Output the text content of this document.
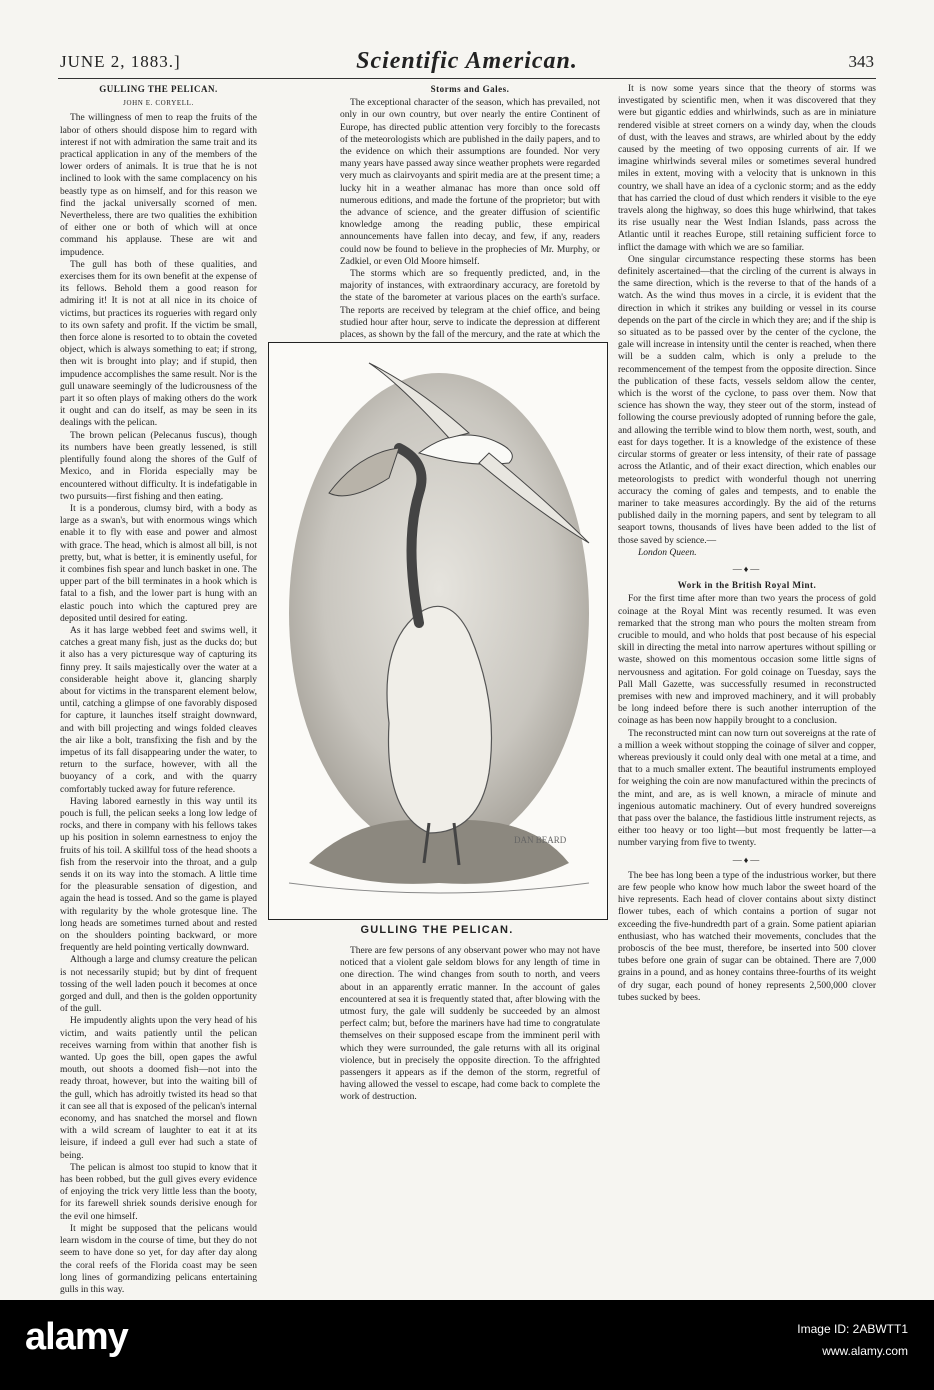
JUNE 2, 1883.]	Scientific American.	343
GULLING THE PELICAN.
JOHN E. CORYELL.

The willingness of men to reap the fruits of the labor of others should dispose him to regard with interest if not with admiration the same trait and its practical application in any of the members of the lower orders of animals. It is true that he is not inclined to look with the same complacency on his beastly type as on himself, and for this reason we find the jackal universally scorned of men. Nevertheless, there are two qualities the exhibition of either one or both of which will at once command his applause. These are wit and impudence.

The gull has both of these qualities, and exercises them for its own benefit at the expense of its fellows. Behold them a good reason for admiring it! It is not at all nice in its choice of victims, but practices its rogueries with regard only to its own safety and profit. If the victim be small, then force alone is resorted to to obtain the coveted object, which is always something to eat; if strong, then wit is brought into play; and if stupid, then impudence accomplishes the same result. Nor is the gull unaware seemingly of the ludicrousness of the part it so often plays of making others do the work it ought and can do itself, as may be seen in its dealings with the pelican.

The brown pelican (Pelecanus fuscus), though its numbers have been greatly lessened, is still plentifully found along the shores of the Gulf of Mexico, and in Florida especially may be encountered without difficulty. It is indefatigable in two pursuits—first fishing and then eating.

It is a ponderous, clumsy bird, with a body as large as a swan's, but with enormous wings which enable it to fly with ease and power and almost with grace. The head, which is almost all bill, is not pretty, but, what is better, it is eminently useful, for it combines fish spear and lunch basket in one. The upper part of the bill terminates in a hook which is fatal to a fish, and the lower part is hung with an elastic pouch into which the captured prey are deposited until desired for eating.

As it has large webbed feet and swims well, it catches a great many fish, just as the ducks do; but it also has a very picturesque way of capturing its finny prey. It sails majestically over the water at a considerable height above it, glancing sharply about for victims in the transparent element below, until, catching a glimpse of one favorably disposed for capture, it launches itself straight downward, and with bill projecting and wings folded cleaves the air like a bolt, transfixing the fish and by the impetus of its fall disappearing under the water, to return to the surface, however, with all the buoyancy of a cork, and with the quarry comfortably tucked away for future reference.

Having labored earnestly in this way until its pouch is full, the pelican seeks a long low ledge of rocks, and there in company with his fellows takes up his position in solemn earnestness to enjoy the fruits of his toil. A skillful toss of the head shoots a fish from the reservoir into the throat, and a gulp sends it on its way into the stomach. A little time for the pleasurable sensation of digestion, and again the head is tossed. And so the game is played with regularity by the whole grotesque line. The long heads are sometimes turned about and rested on the shoulders pointing backward, or more frequently are held pointing vertically downward.

Although a large and clumsy creature the pelican is not necessarily stupid; but by dint of frequent tossing of the well laden pouch it becomes at once gorged and dull, and then is the golden opportunity of the gull.

He impudently alights upon the very head of his victim, and waits patiently until the pelican receives warning from within that another fish is wanted. Up goes the bill, open gapes the awful mouth, out shoots a doomed fish—not into the ready throat, however, but into the waiting bill of the gull, which has adroitly twisted its head so that it can see all that is exposed of the pelican's internal economy, and has snatched the morsel and flown with a wild scream of laughter to eat it at its leisure, if indeed a gull ever had such a state of being.

The pelican is almost too stupid to know that it has been robbed, but the gull gives every evidence of enjoying the trick very little less than the booty, for its farewell shriek sounds derisive enough for the evil one himself.

It might be supposed that the pelicans would learn wisdom in the course of time, but they do not seem to have done so yet, for day after day along the coral reefs of the Florida coast may be seen long lines of gormandizing pelicans entertaining gulls in this way.

Storms and Gales.

The exceptional character of the season, which has prevailed, not only in our own country, but over nearly the entire Continent of Europe, has directed public attention very forcibly to the forecasts of the meteorologists which are published in the daily papers, and to the evidence on which their assumptions are founded. Nor very many years have passed away since weather prophets were regarded very much as clairvoyants and spirit media are at the present time; a lucky hit in a weather almanac has more than once sold off numerous editions, and made the fortune of the proprietor; but with the advance of science, and the greater diffusion of scientific knowledge among the reading public, these empirical announcements have fallen into decay, and few, if any, readers could now be found to believe in the prophecies of Mr. Murphy, or Zadkiel, or even Old Moore himself.

The storms which are so frequently predicted, and, in the majority of instances, with extraordinary accuracy, are foretold by the state of the barometer at various places on the earth's surface. The reports are received by telegram at the chief office, and being studied hour after hour, serve to indicate the depression at different places, as shown by the fall of the mercury, and the rate at which the

There are few persons of any observant power who may not have noticed that a violent gale seldom blows for any length of time in one direction. The wind changes from south to north, and veers about in an apparently erratic manner. In the account of gales encountered at sea it is frequently stated that, after blowing with the utmost fury, the gale will suddenly be succeeded by an almost perfect calm; but, before the mariners have had time to congratulate themselves on their supposed escape from the imminent peril with which they were surrounded, the gale returns with all its original violence, but in precisely the opposite direction. To the affrighted passengers it appears as if the demon of the storm, regretful of having allowed the vessel to escape, had come back to complete the work of destruction.

It is now some years since that the theory of storms was investigated by scientific men, when it was discovered that they were but gigantic eddies and whirlwinds, such as are in miniature rendered visible at street corners on a windy day, when the clouds of dust, with the leaves and straws, are whirled about by the eddy caused by the meeting of two opposing currents of air. If we imagine whirlwinds several miles or sometimes several hundred miles in extent, moving with a velocity that is unknown in this country, we shall have an idea of a cyclonic storm; and as the eddy that has carried the cloud of dust which renders it visible to the eye travels along the highway, so does this huge whirlwind, that takes its rise usually near the West Indian Islands, pass across the Atlantic until it reaches Europe, still retaining sufficient force to inflict the damage with which we are so familiar.

One singular circumstance respecting these storms has been definitely ascertained—that the circling of the current is always in the same direction, which is the reverse to that of the hands of a watch. As the wind thus moves in a circle, it is evident that the direction in which it strikes any building or vessel in its course depends on the part of the circle in which they are; and if the ship is so situated as to be passed over by the center of the cyclone, the gale will increase in intensity until the center is reached, when there will be a sudden calm, which is only a prelude to the recommencement of the tempest from the opposite direction. Since the publication of these facts, vessels seldom allow the center, which is the worst of the cyclone, to pass over them. Now that science has shown the way, they steer out of the storm, instead of following the course previously adopted of running before the gale, and allowing the terrible wind to blow them north, west, south, and east for days together. It is a knowledge of the existence of these circular storms of greater or less intensity, of their rate of passage across the Atlantic, and of their exact direction, which enables our meteorologists to predict with wonderful though not unerring accuracy the coming of gales and tempests, and to enable the mariner to take measures accordingly. By the aid of the returns published daily in the morning papers, and sent by telegram to all seaport towns, thousands of lives have been added to the list of those saved by science.—

London Queen.

—♦—
Work in the British Royal Mint.

For the first time after more than two years the process of gold coinage at the Royal Mint was recently resumed. It was even remarked that the strong man who pours the molten stream from crucible to mould, and who holds that post because of his especial skill in directing the metal into narrow apertures without spilling or waste, showed on this momentous occasion some little signs of nervousness and agitation. For gold coinage on Tuesday, says the Pall Mall Gazette, was successfully resumed in reconstructed premises with new and improved machinery, and it will probably be long indeed before there is such another interruption of the coinage as has been now happily brought to a conclusion.

The reconstructed mint can now turn out sovereigns at the rate of a million a week without stopping the coinage of silver and copper, whereas previously it could only deal with one metal at a time, and that to a much smaller extent. The beautiful instruments employed for weighing the coin are now manufactured within the precincts of the mint, and are, as is well known, a miracle of minute and ingenious automatic machinery. Out of every hundred sovereigns that pass over the balance, the fastidious little instrument rejects, as either too heavy or too light—but most frequently be latter—a number varying from five to twenty.

—♦—

The bee has long been a type of the industrious worker, but there are few people who know how much labor the sweet hoard of the hive represents. Each head of clover contains about sixty distinct flower tubes, each of which contains a portion of sugar not exceeding the five-hundredth part of a grain. Some patient apiarian enthusiast, who has watched their movements, concludes that the proboscis of the bee must, therefore, be inserted into 500 clover tubes before one grain of sugar can be obtained. There are 7,000 grains in a pound, and as honey contains three-fourths of its weight of dry sugar, each pound of honey represents 2,500,000 clover tubes sucked by bees.

DAN BEARD
GULLING THE PELICAN.
alamy	Image ID: 2ABWTT1
www.alamy.com
